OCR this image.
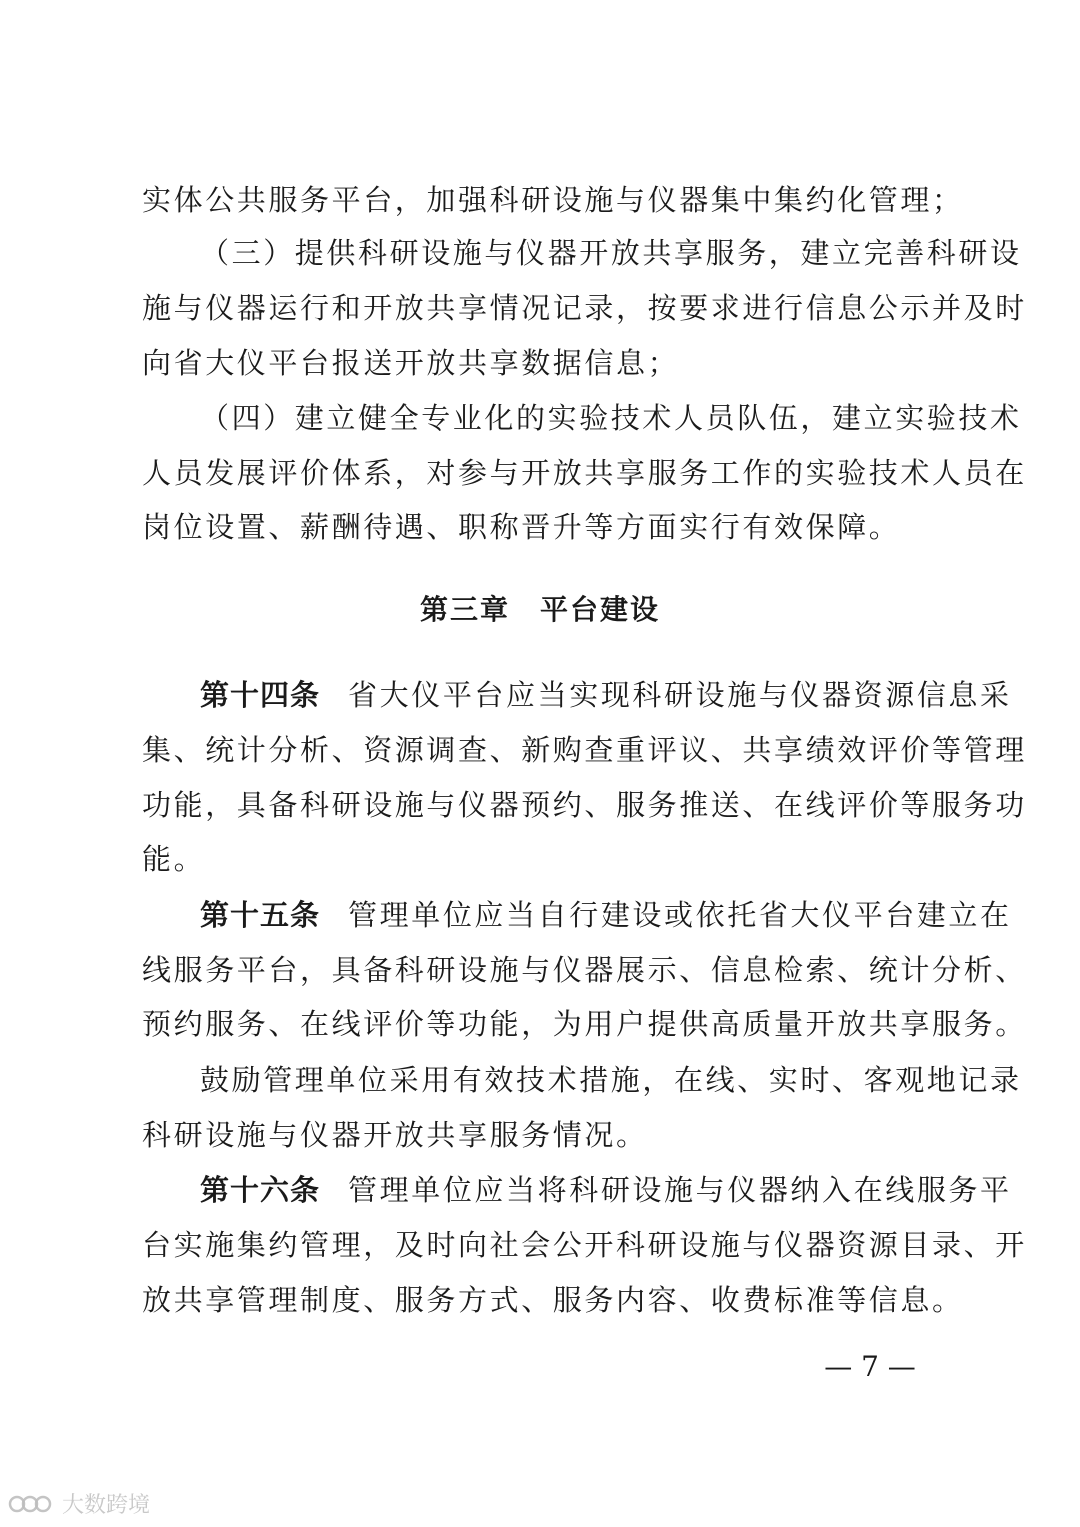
实体公共服务平台，加强科研设施与仪器集中集约化管理；
（三）提供科研设施与仪器开放共享服务，建立完善科研设
施与仪器运行和开放共享情况记录，按要求进行信息公示并及时
向省大仪平台报送开放共享数据信息；
（四）建立健全专业化的实验技术人员队伍，建立实验技术
人员发展评价体系，对参与开放共享服务工作的实验技术人员在
岗位设置、薪酬待遇、职称晋升等方面实行有效保障。
第三章　平台建设
第十四条 省大仪平台应当实现科研设施与仪器资源信息采
集、统计分析、资源调查、新购查重评议、共享绩效评价等管理
功能，具备科研设施与仪器预约、服务推送、在线评价等服务功
能。
第十五条 管理单位应当自行建设或依托省大仪平台建立在
线服务平台，具备科研设施与仪器展示、信息检索、统计分析、
预约服务、在线评价等功能，为用户提供高质量开放共享服务。
鼓励管理单位采用有效技术措施，在线、实时、客观地记录
科研设施与仪器开放共享服务情况。
第十六条 管理单位应当将科研设施与仪器纳入在线服务平
台实施集约管理，及时向社会公开科研设施与仪器资源目录、开
放共享管理制度、服务方式、服务内容、收费标准等信息。
— 7 —
大数跨境
